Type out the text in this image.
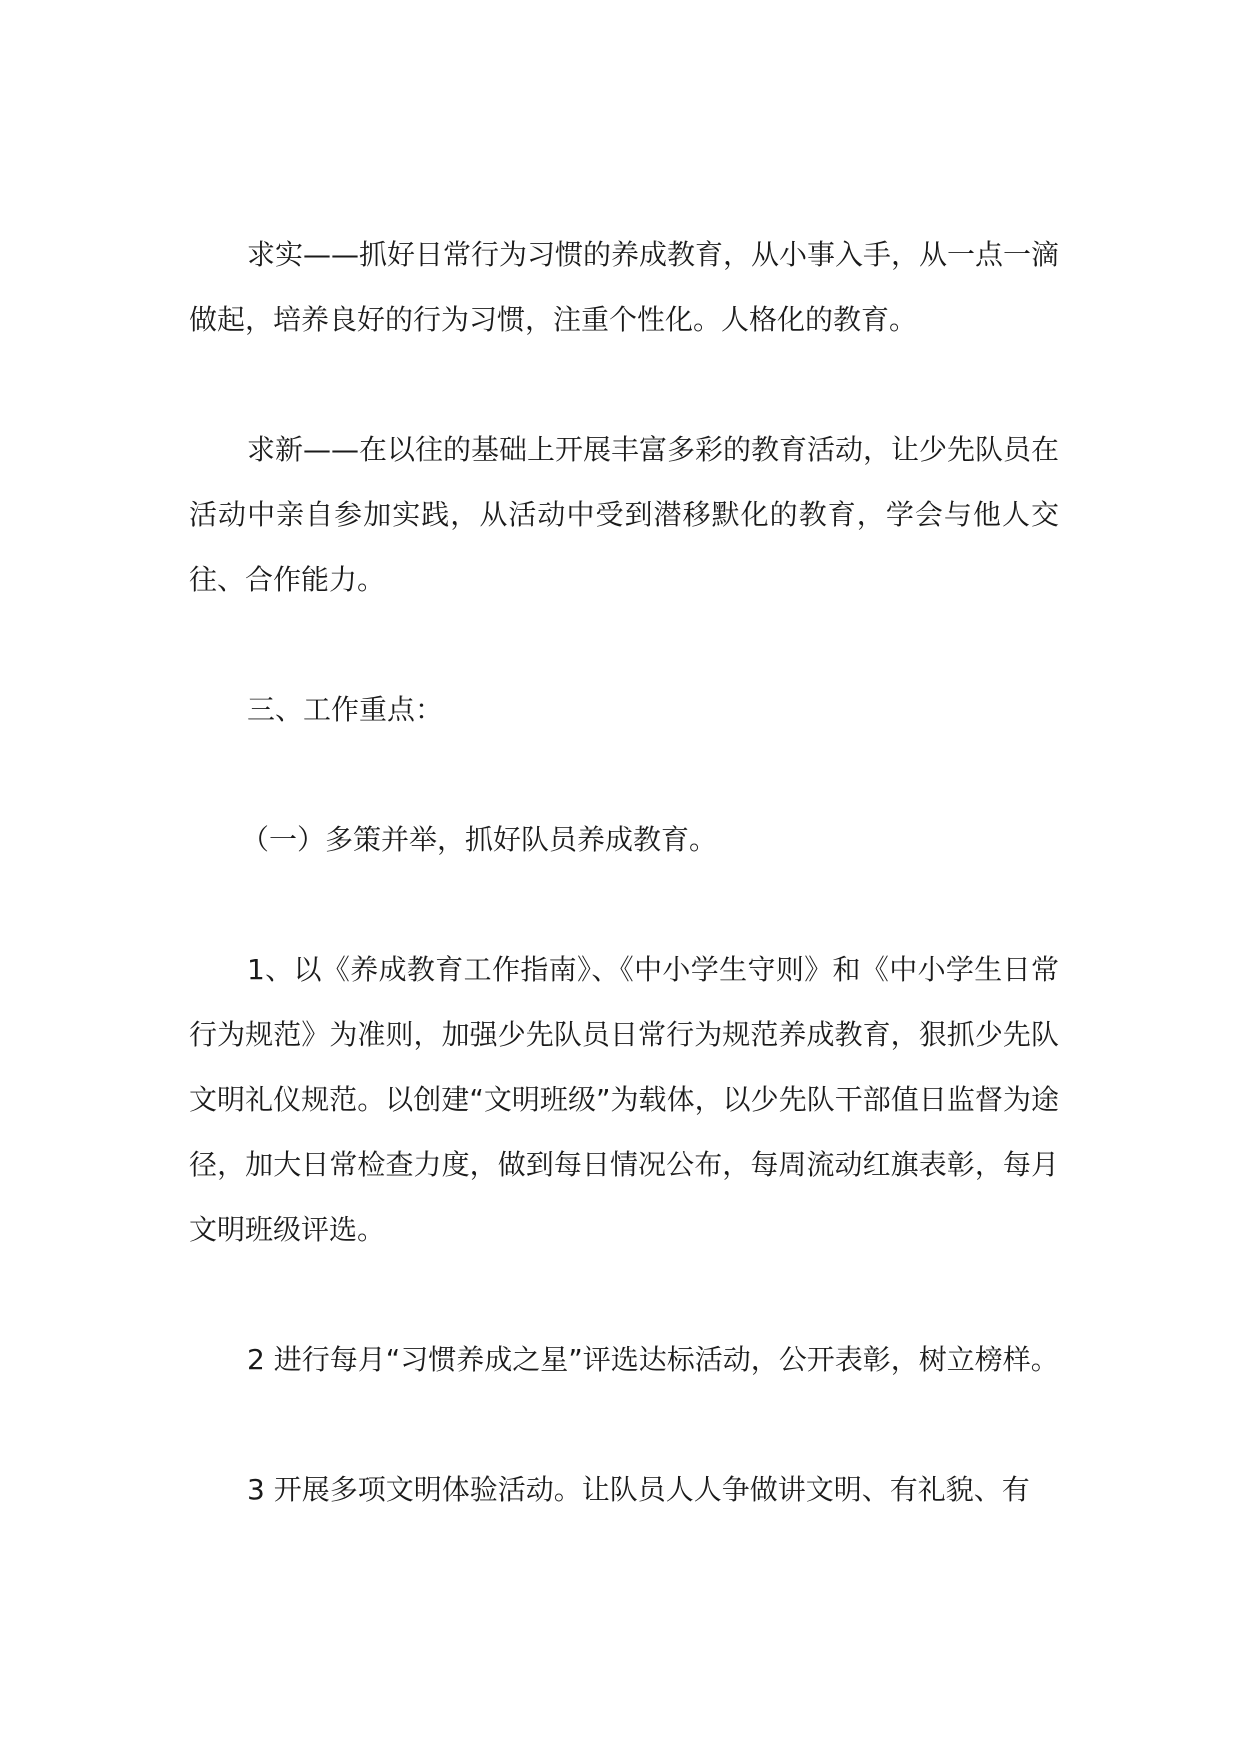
求实——抓好日常行为习惯的养成教育，从小事入手，从一点一滴做起，培养良好的行为习惯，注重个性化。人格化的教育。

求新——在以往的基础上开展丰富多彩的教育活动，让少先队员在活动中亲自参加实践，从活动中受到潜移默化的教育，学会与他人交往、合作能力。

三、工作重点：

（一）多策并举，抓好队员养成教育。

1、以《养成教育工作指南》、《中小学生守则》和《中小学生日常行为规范》为准则，加强少先队员日常行为规范养成教育，狠抓少先队文明礼仪规范。以创建“文明班级”为载体，以少先队干部值日监督为途径，加大日常检查力度，做到每日情况公布，每周流动红旗表彰，每月文明班级评选。

2 进行每月“习惯养成之星”评选达标活动，公开表彰，树立榜样。

3 开展多项文明体验活动。让队员人人争做讲文明、有礼貌、有
